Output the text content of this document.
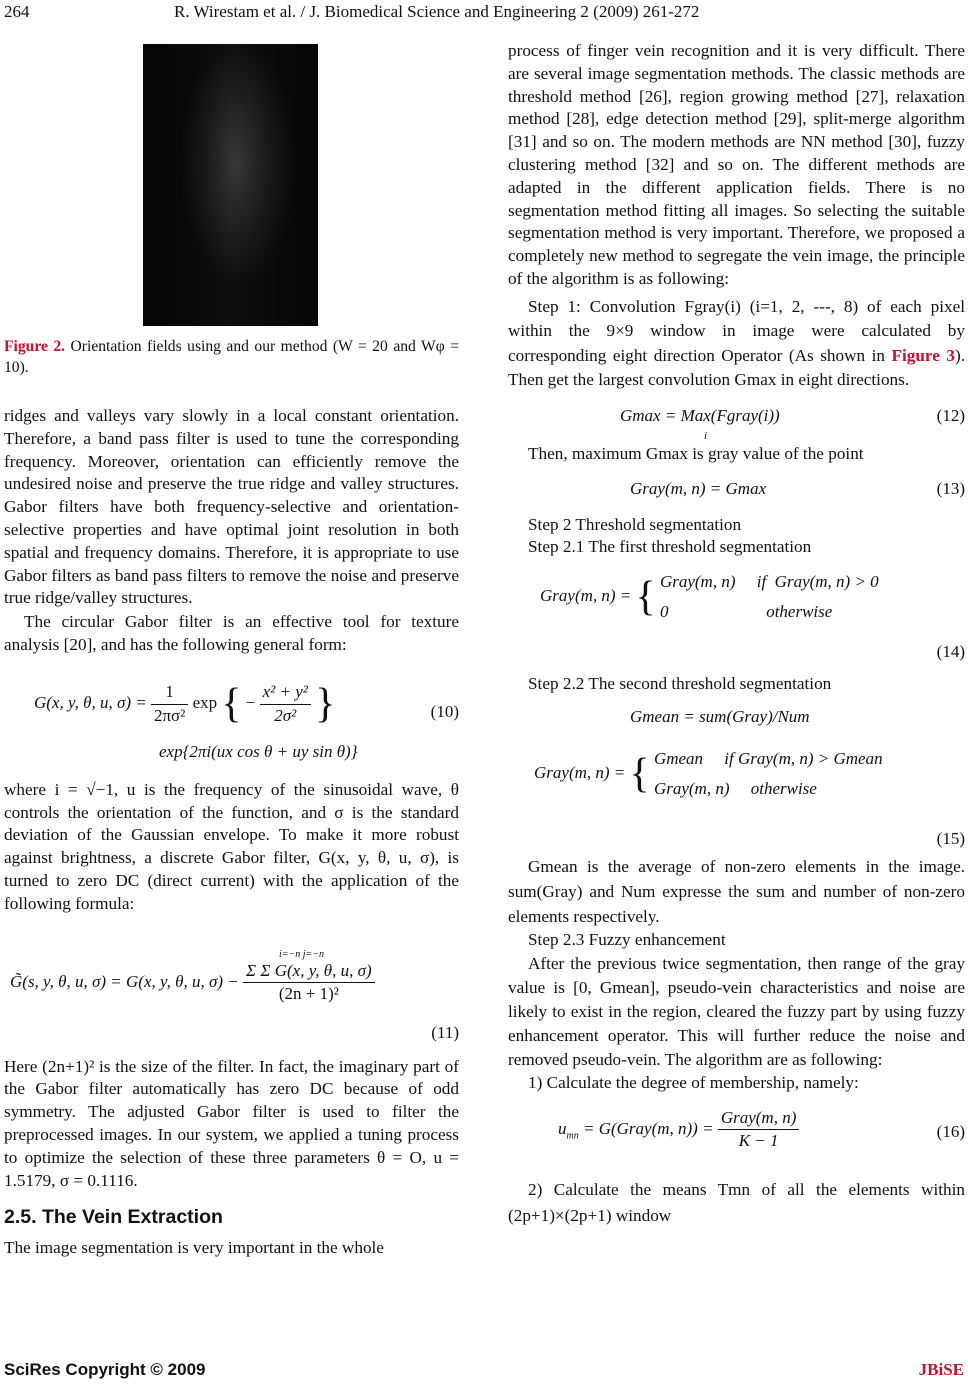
264	R. Wirestam et al. / J. Biomedical Science and Engineering 2 (2009) 261-272

Figure 2. Orientation fields using and our method (W = 20 and Wφ = 10).

ridges and valleys vary slowly in a local constant orientation. Therefore, a band pass filter is used to tune the corresponding frequency. Moreover, orientation can efficiently remove the undesired noise and preserve the true ridge and valley structures. Gabor filters have both frequency-selective and orientation-selective properties and have optimal joint resolution in both spatial and frequency domains. Therefore, it is appropriate to use Gabor filters as band pass filters to remove the noise and preserve true ridge/valley structures.

The circular Gabor filter is an effective tool for texture analysis [20], and has the following general form:

G(x, y, θ, u, $\sigma) = \frac{1}{\text{2πσ²}}$ exp { − $\frac{\text{x² + y²}}{\text{2σ²}}$ }
exp{2πi(ux cos θ + uy sin θ)}
(10)

where i = √−1, u is the frequency of the sinusoidal wave, θ controls the orientation of the function, and σ is the standard deviation of the Gaussian envelope. To make it more robust against brightness, a discrete Gabor filter, G(x, y, θ, u, σ), is turned to zero DC (direct current) with the application of the following formula:

G̃(s, y, θ, u, σ) = G(x, y, θ, u, $\sigma) - \frac{\text{Σ Σ G(x, y, θ, u, σ)}}{\text{(2n + 1)²}}$
i=−n j=−n
(11)

Here (2n+1)² is the size of the filter. In fact, the imaginary part of the Gabor filter automatically has zero DC because of odd symmetry. The adjusted Gabor filter is used to filter the preprocessed images. In our system, we applied a tuning process to optimize the selection of these three parameters θ = O, u = 1.5179, σ = 0.1116.

2.5. The Vein Extraction

The image segmentation is very important in the whole

process of finger vein recognition and it is very difficult. There are several image segmentation methods. The classic methods are threshold method [26], region growing method [27], relaxation method [28], edge detection method [29], split-merge algorithm [31] and so on. The modern methods are NN method [30], fuzzy clustering method [32] and so on. The different methods are adapted in the different application fields. There is no segmentation method fitting all images. So selecting the suitable segmentation method is very important. Therefore, we proposed a completely new method to segregate the vein image, the principle of the algorithm is as following:

Step 1: Convolution Fgray(i) (i=1, 2, ---, 8) of each pixel within the 9×9 window in image were calculated by corresponding eight direction Operator (As shown in Figure 3). Then get the largest convolution Gmax in eight directions.

Gmax = Max(Fgray(i))
i
(12)

Then, maximum Gmax is gray value of the point

Gray(m, n) = Gmax	(13)

Step 2 Threshold segmentation

Step 2.1 The first threshold segmentation

Gray(m, n) = { Gray(m, n)     if  Gray(m, n) > 0
0                       otherwise
(14)

Step 2.2 The second threshold segmentation

Gmean = sum(Gray)/Num
Gray(m, n) = { Gmean     if Gray(m, n) > Gmean
Gray(m, n)     otherwise
(15)

Gmean is the average of non-zero elements in the image. sum(Gray) and Num expresse the sum and number of non-zero elements respectively.

Step 2.3 Fuzzy enhancement

After the previous twice segmentation, then range of the gray value is [0, Gmean], pseudo-vein characteristics and noise are likely to exist in the region, cleared the fuzzy part by using fuzzy enhancement operator. This will further reduce the noise and removed pseudo-vein. The algorithm are as following:

1) Calculate the degree of membership, namely:

$u_{mn}$ = G(Gray(m, $n)) = \frac{\text{Gray(m, n)}}{K - 1}$	(16)

2) Calculate the means Tmn of all the elements within (2p+1)×(2p+1) window

SciRes Copyright © 2009	JBiSE
